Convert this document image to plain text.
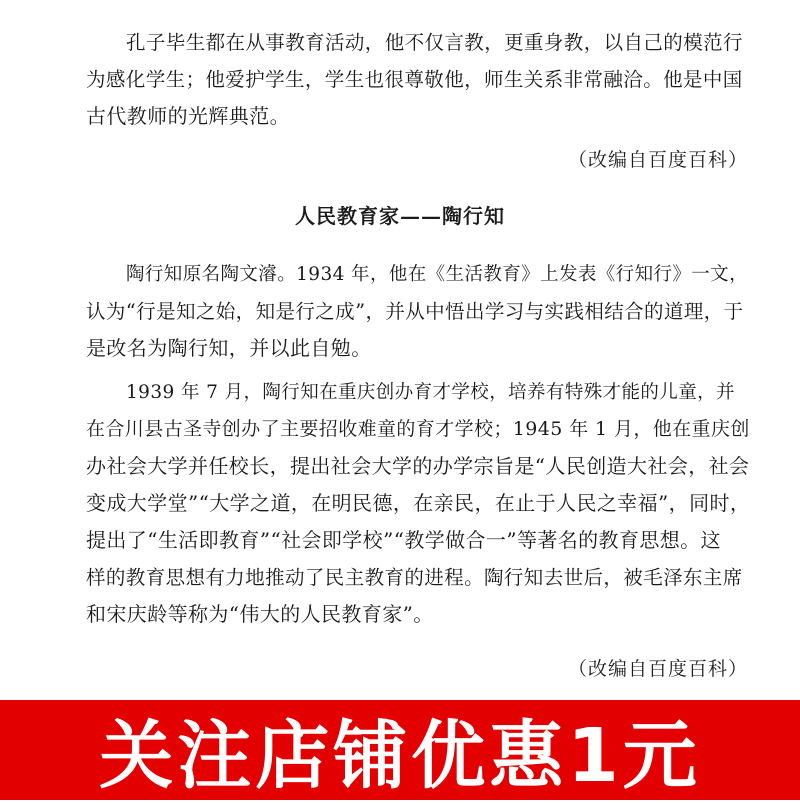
孔子毕生都在从事教育活动，他不仅言教，更重身教，以自己的模范行
为感化学生；他爱护学生，学生也很尊敬他，师生关系非常融洽。他是中国
古代教师的光辉典范。

（改编自百度百科）

人民教育家——陶行知

陶行知原名陶文濬。1934 年，他在《生活教育》上发表《行知行》一文，
认为“行是知之始，知是行之成”，并从中悟出学习与实践相结合的道理，于
是改名为陶行知，并以此自勉。

1939 年 7 月，陶行知在重庆创办育才学校，培养有特殊才能的儿童，并
在合川县古圣寺创办了主要招收难童的育才学校；1945 年 1 月，他在重庆创
办社会大学并任校长，提出社会大学的办学宗旨是“人民创造大社会，社会
变成大学堂”“大学之道，在明民德，在亲民，在止于人民之幸福”，同时，
提出了“生活即教育”“社会即学校”“教学做合一”等著名的教育思想。这
样的教育思想有力地推动了民主教育的进程。陶行知去世后，被毛泽东主席
和宋庆龄等称为“伟大的人民教育家”。

（改编自百度百科）

关注店铺优惠1元
